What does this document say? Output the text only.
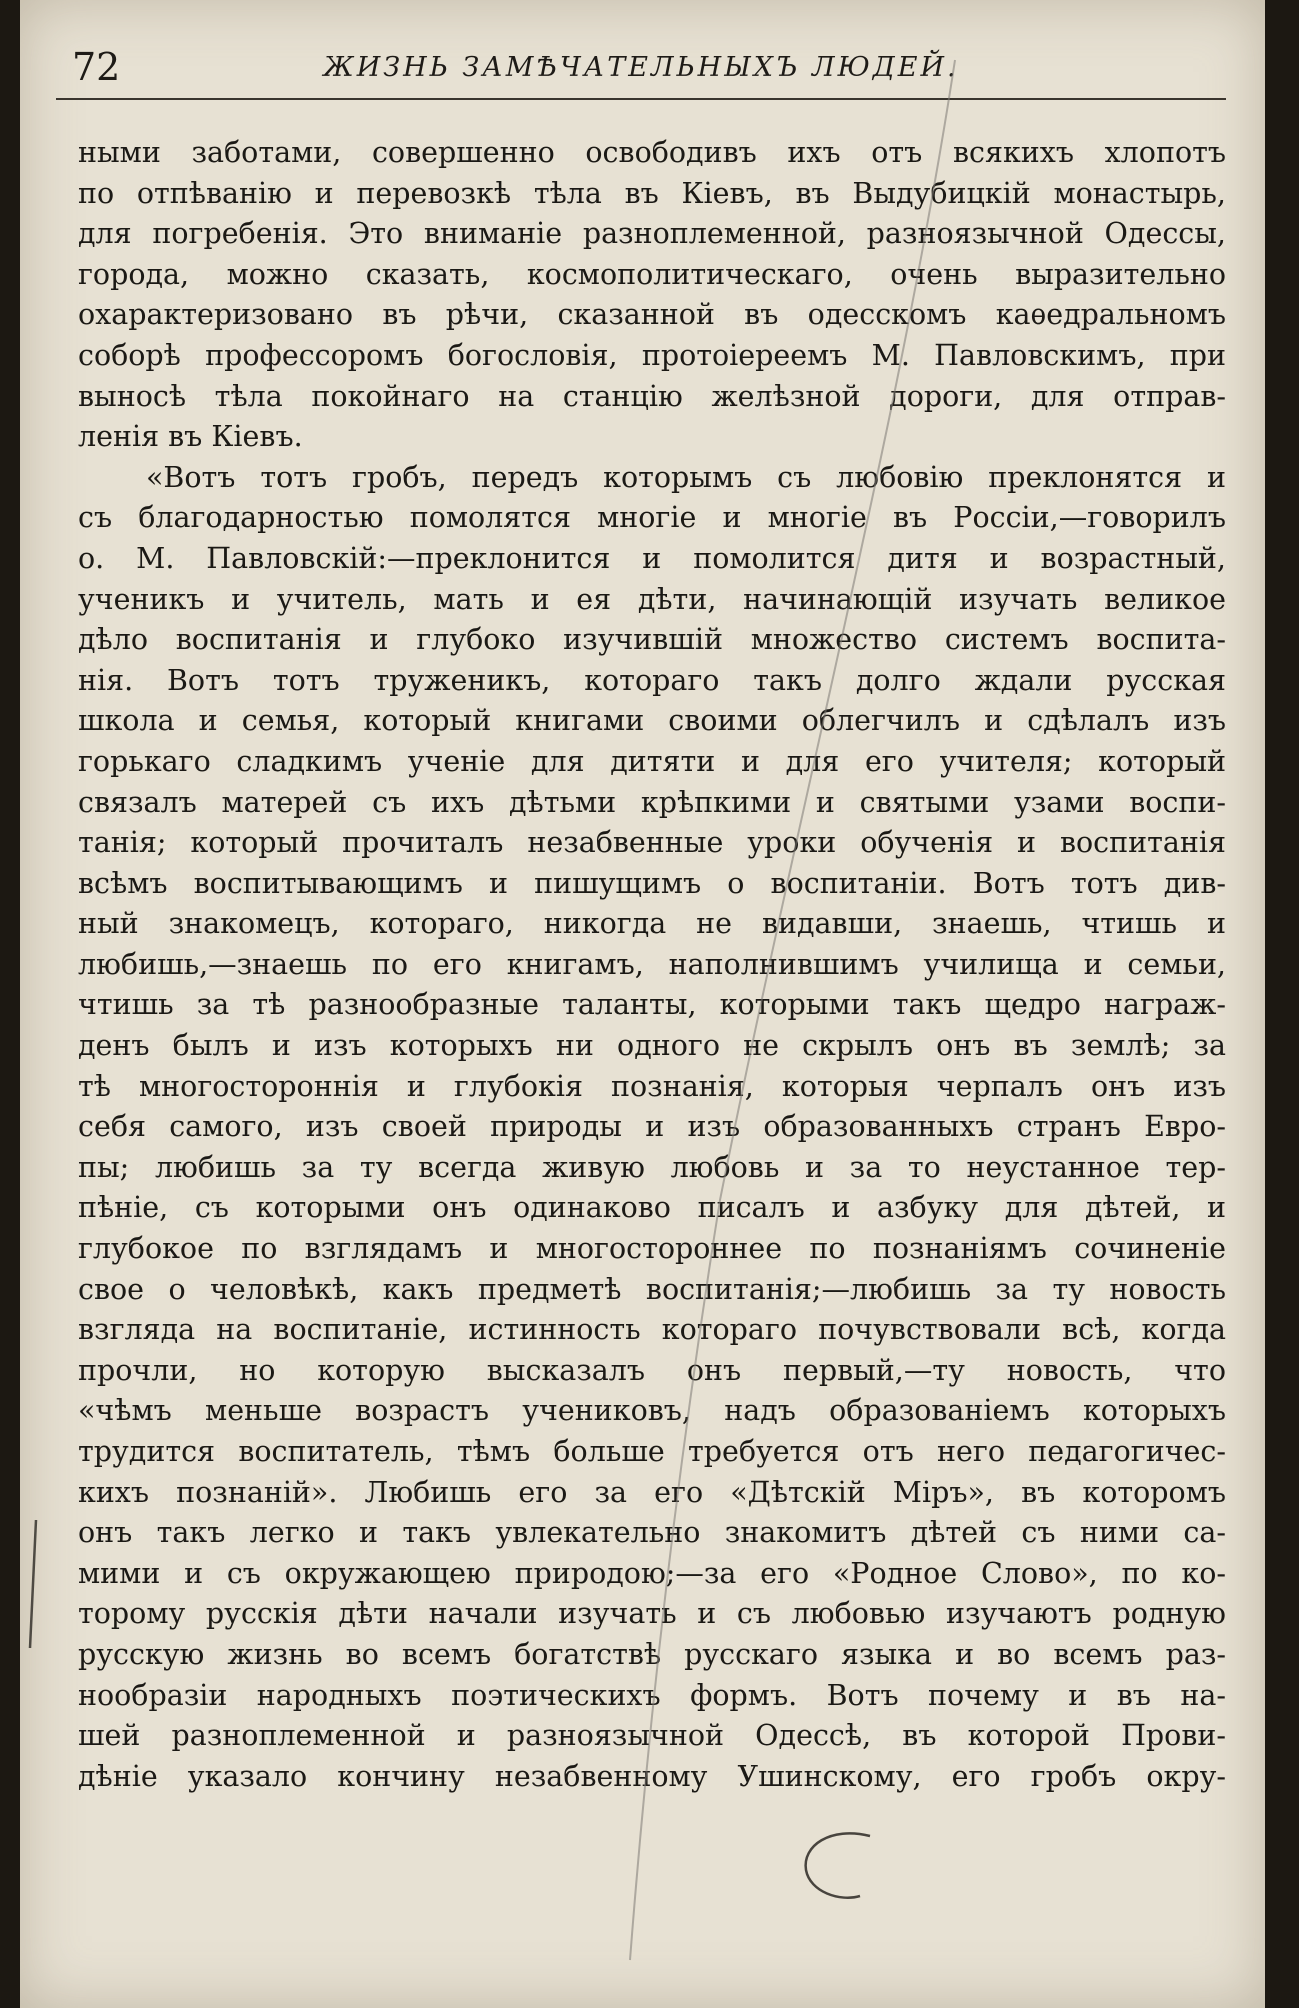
72	ЖИЗНЬ ЗАМѢЧАТЕЛЬНЫХЪ ЛЮДЕЙ.
ными заботами, совершенно освободивъ ихъ отъ всякихъ хлопотъ
по отпѣванію и перевозкѣ тѣла въ Кіевъ, въ Выдубицкій монастырь,
для погребенія. Это вниманіе разноплеменной, разноязычной Одессы,
города, можно сказать, космополитическаго, очень выразительно
охарактеризовано въ рѣчи, сказанной въ одесскомъ каѳедральномъ
соборѣ профессоромъ богословія, протоіереемъ М. Павловскимъ, при
выносѣ тѣла покойнаго на станцію желѣзной дороги, для отправ-
ленія въ Кіевъ.
«Вотъ тотъ гробъ, передъ которымъ съ любовію преклонятся и
съ благодарностью помолятся многіе и многіе въ Россіи,—говорилъ
о. М. Павловскій:—преклонится и помолится дитя и возрастный,
ученикъ и учитель, мать и ея дѣти, начинающій изучать великое
дѣло воспитанія и глубоко изучившій множество системъ воспита-
нія. Вотъ тотъ труженикъ, котораго такъ долго ждали русская
школа и семья, который книгами своими облегчилъ и сдѣлалъ изъ
горькаго сладкимъ ученіе для дитяти и для его учителя; который
связалъ матерей съ ихъ дѣтьми крѣпкими и святыми узами воспи-
танія; который прочиталъ незабвенные уроки обученія и воспитанія
всѣмъ воспитывающимъ и пишущимъ о воспитаніи. Вотъ тотъ див-
ный знакомецъ, котораго, никогда не видавши, знаешь, чтишь и
любишь,—знаешь по его книгамъ, наполнившимъ училища и семьи,
чтишь за тѣ разнообразные таланты, которыми такъ щедро награж-
денъ былъ и изъ которыхъ ни одного не скрылъ онъ въ землѣ; за
тѣ многостороннія и глубокія познанія, которыя черпалъ онъ изъ
себя самого, изъ своей природы и изъ образованныхъ странъ Евро-
пы; любишь за ту всегда живую любовь и за то неустанное тер-
пѣніе, съ которыми онъ одинаково писалъ и азбуку для дѣтей, и
глубокое по взглядамъ и многостороннее по познаніямъ сочиненіе
свое о человѣкѣ, какъ предметѣ воспитанія;—любишь за ту новость
взгляда на воспитаніе, истинность котораго почувствовали всѣ, когда
прочли, но которую высказалъ онъ первый,—ту новость, что
«чѣмъ меньше возрастъ учениковъ, надъ образованіемъ которыхъ
трудится воспитатель, тѣмъ больше требуется отъ него педагогичес-
кихъ познаній». Любишь его за его «Дѣтскій Міръ», въ которомъ
онъ такъ легко и такъ увлекательно знакомитъ дѣтей съ ними са-
мими и съ окружающею природою;—за его «Родное Слово», по ко-
торому русскія дѣти начали изучать и съ любовью изучаютъ родную
русскую жизнь во всемъ богатствѣ русскаго языка и во всемъ раз-
нообразіи народныхъ поэтическихъ формъ. Вотъ почему и въ на-
шей разноплеменной и разноязычной Одессѣ, въ которой Прови-
дѣніе указало кончину незабвенному Ушинскому, его гробъ окру-
